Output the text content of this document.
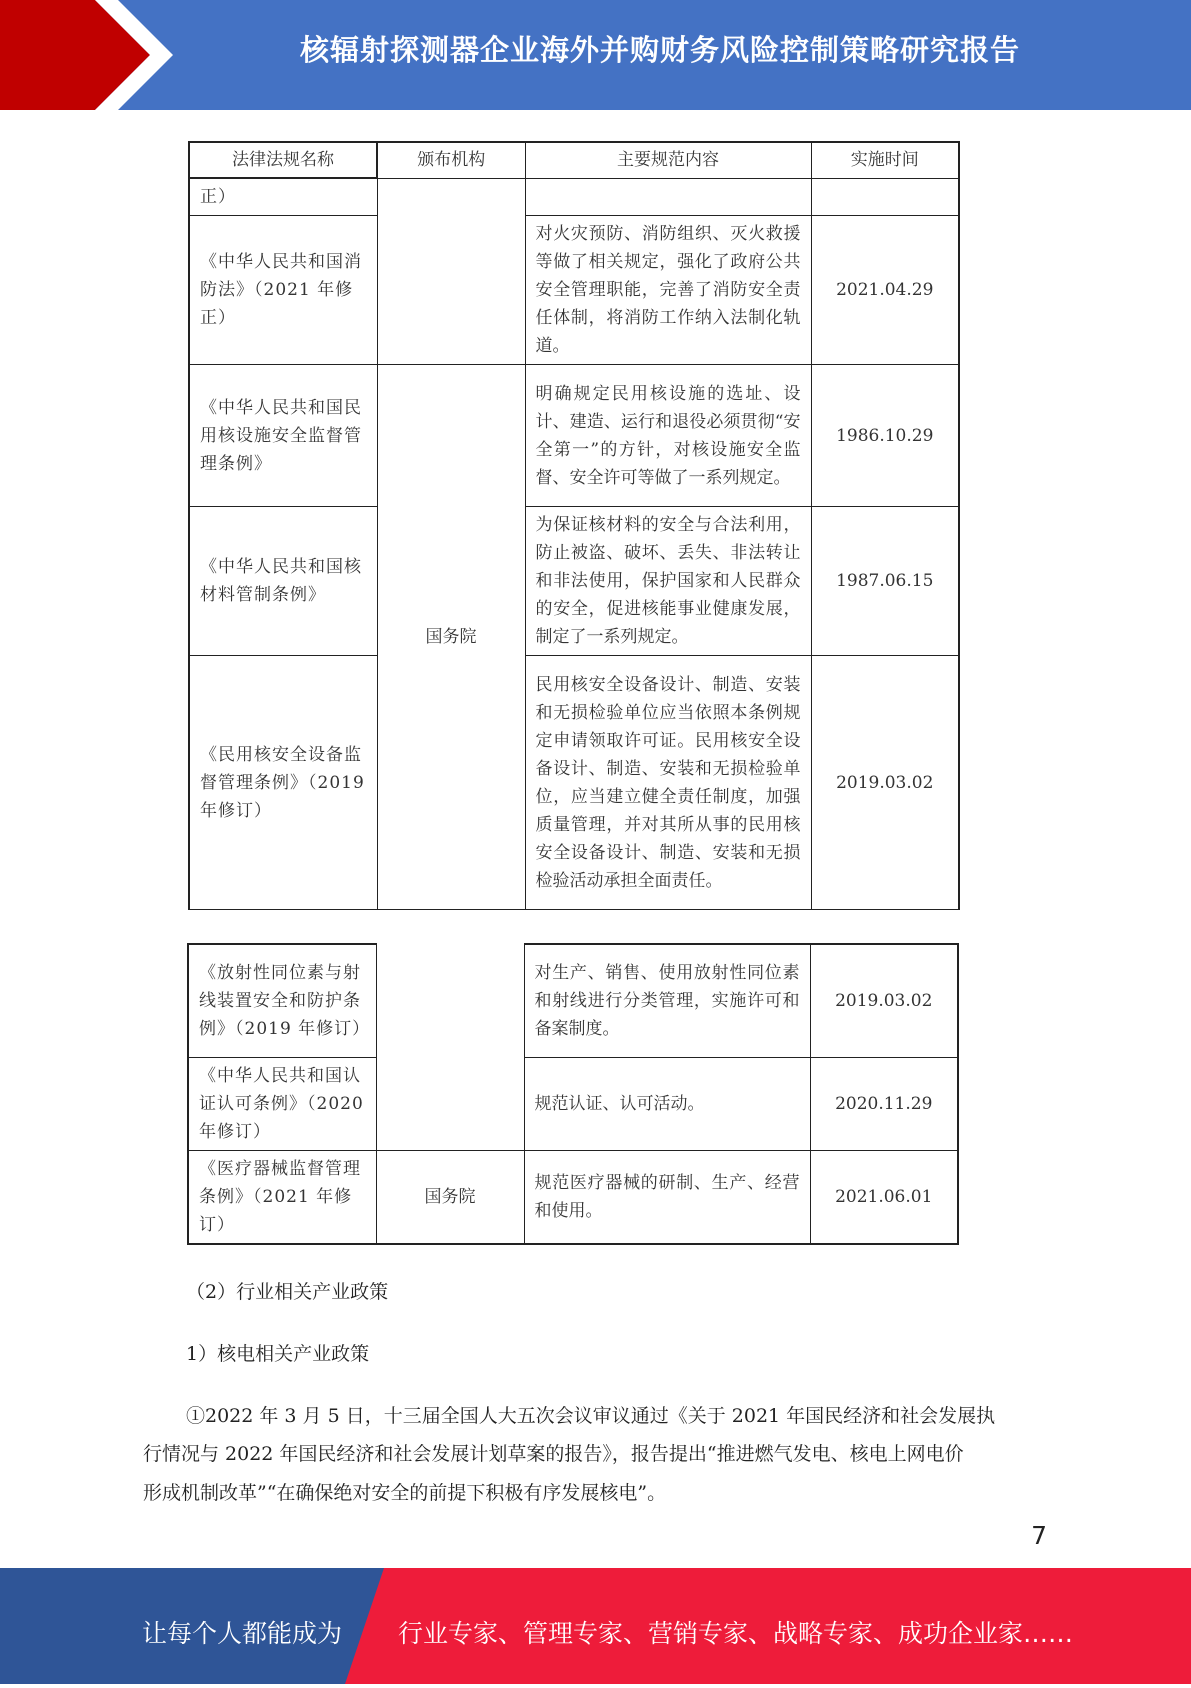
核辐射探测器企业海外并购财务风险控制策略研究报告
法律法规名称	颁布机构	主要规范内容	实施时间
正）			
《中华人民共和国消防法》（2021 年修正）		对火灾预防、消防组织、灭火救援等做了相关规定，强化了政府公共安全管理职能，完善了消防安全责任体制，将消防工作纳入法制化轨道。	2021.04.29
《中华人民共和国民用核设施安全监督管理条例》	国务院	明确规定民用核设施的选址、设计、建造、运行和退役必须贯彻“安全第一”的方针，对核设施安全监督、安全许可等做了一系列规定。	1986.10.29
《中华人民共和国核材料管制条例》		为保证核材料的安全与合法利用，防止被盗、破坏、丢失、非法转让和非法使用，保护国家和人民群众的安全，促进核能事业健康发展，制定了一系列规定。	1987.06.15
《民用核安全设备监督管理条例》（2019 年修订）		民用核安全设备设计、制造、安装和无损检验单位应当依照本条例规定申请领取许可证。民用核安全设备设计、制造、安装和无损检验单位，应当建立健全责任制度，加强质量管理，并对其所从事的民用核安全设备设计、制造、安装和无损检验活动承担全面责任。	2019.03.02
《放射性同位素与射线装置安全和防护条例》（2019 年修订）		对生产、销售、使用放射性同位素和射线进行分类管理，实施许可和备案制度。	2019.03.02
《中华人民共和国认证认可条例》（2020 年修订）		规范认证、认可活动。	2020.11.29
《医疗器械监督管理条例》（2021 年修订）	国务院	规范医疗器械的研制、生产、经营和使用。	2021.06.01
（2）行业相关产业政策
1）核电相关产业政策
①2022 年 3 月 5 日，十三届全国人大五次会议审议通过《关于 2021 年国民经济和社会发展执
行情况与 2022 年国民经济和社会发展计划草案的报告》，报告提出“推进燃气发电、核电上网电价
形成机制改革”“在确保绝对安全的前提下积极有序发展核电”。
7
让每个人都能成为 行业专家、管理专家、营销专家、战略专家、成功企业家……
